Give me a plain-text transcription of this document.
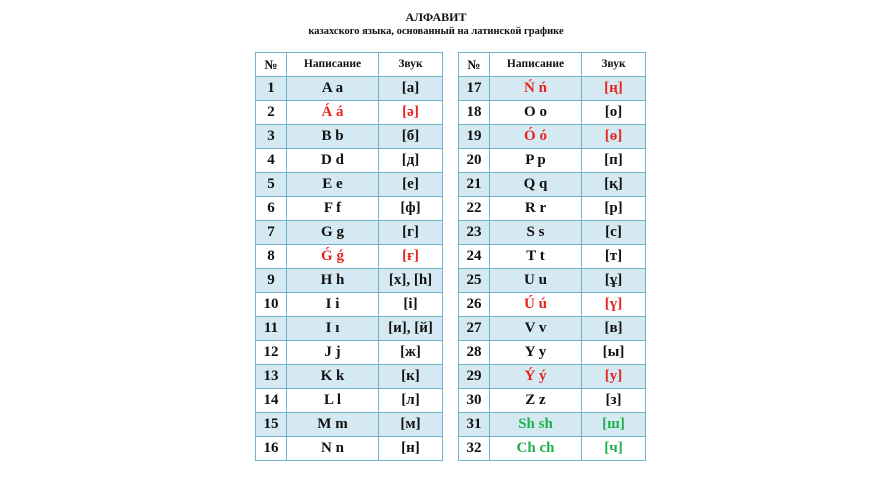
АЛФАВИТ
казахского языка, основанный на латинской графике
№	Написание	Звук
1	A a	[a]
2	Á á	[ə]
3	B b	[б]
4	D d	[д]
5	E e	[е]
6	F f	[ф]
7	G g	[г]
8	Ǵ ǵ	[ғ]
9	H h	[х], [h]
10	I i	[і]
11	I ı	[и], [й]
12	J j	[ж]
13	K k	[к]
14	L l	[л]
15	M m	[м]
16	N n	[н]
№	Написание	Звук
17	Ń ń	[ң]
18	O o	[о]
19	Ó ó	[ө]
20	P p	[п]
21	Q q	[қ]
22	R r	[р]
23	S s	[с]
24	T t	[т]
25	U u	[ұ]
26	Ú ú	[ү]
27	V v	[в]
28	Y y	[ы]
29	Ý ý	[у]
30	Z z	[з]
31	Sh sh	[ш]
32	Ch ch	[ч]
